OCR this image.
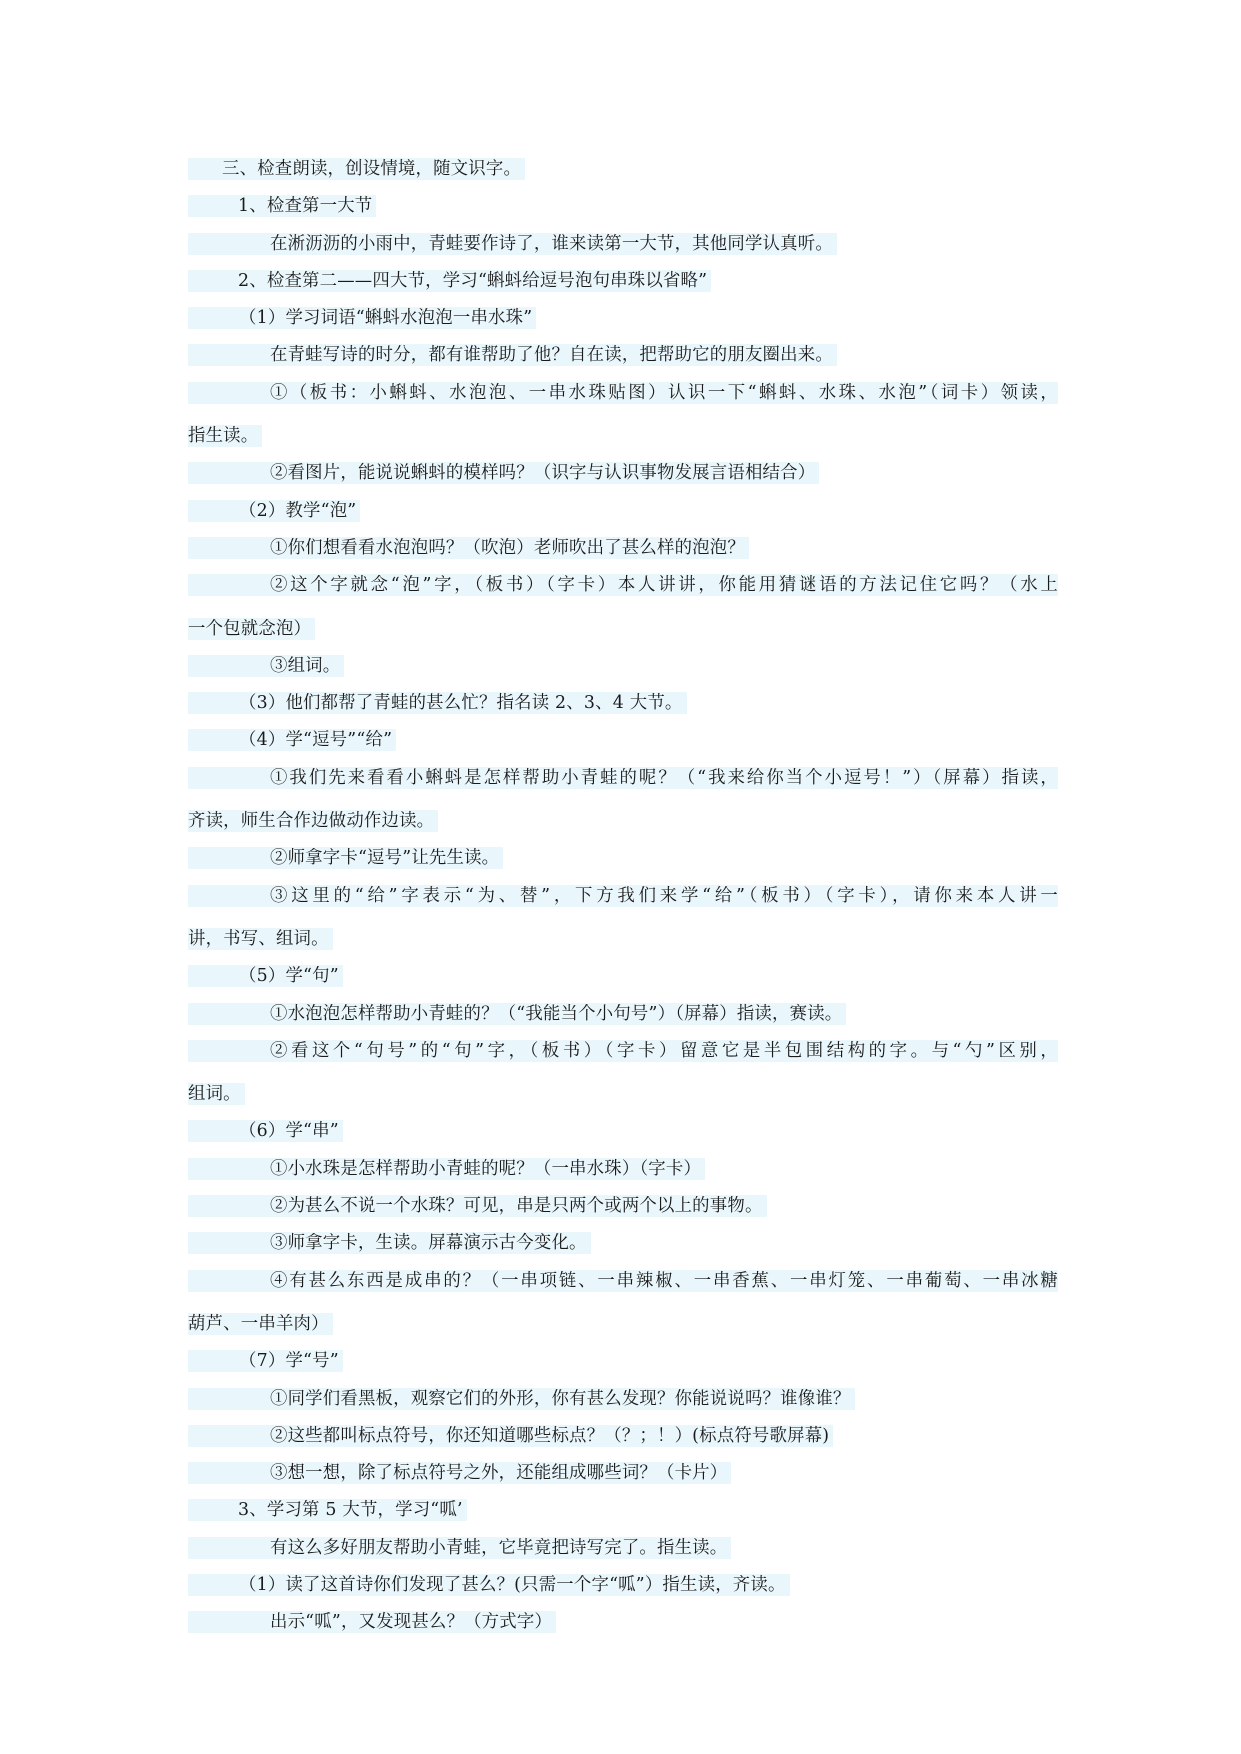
三、检查朗读，创设情境，随文识字。
1、检查第一大节
在淅沥沥的小雨中，青蛙要作诗了，谁来读第一大节，其他同学认真听。
2、检查第二——四大节，学习“蝌蚪给逗号泡句串珠以省略”
（1）学习词语“蝌蚪水泡泡一串水珠”
在青蛙写诗的时分，都有谁帮助了他？自在读，把帮助它的朋友圈出来。
①（板书：小蝌蚪、水泡泡、一串水珠贴图）认识一下“蝌蚪、水珠、水泡”（词卡）领读，
指生读。
②看图片，能说说蝌蚪的模样吗？（识字与认识事物发展言语相结合）
（2）教学“泡”
①你们想看看水泡泡吗？（吹泡）老师吹出了甚么样的泡泡？
②这个字就念“泡”字，（板书）（字卡）本人讲讲，你能用猜谜语的方法记住它吗？（水上
一个包就念泡）
③组词。
（3）他们都帮了青蛙的甚么忙？指名读 2、3、4 大节。
（4）学“逗号”“给”
①我们先来看看小蝌蚪是怎样帮助小青蛙的呢？（“我来给你当个小逗号！”）（屏幕）指读，
齐读，师生合作边做动作边读。
②师拿字卡“逗号”让先生读。
③这里的“给”字表示“为、替”，下方我们来学“给”（板书）（字卡），请你来本人讲一
讲，书写、组词。
（5）学“句”
①水泡泡怎样帮助小青蛙的？（“我能当个小句号”）（屏幕）指读，赛读。
②看这个“句号”的“句”字，（板书）（字卡）留意它是半包围结构的字。与“勺”区别，
组词。
（6）学“串”
①小水珠是怎样帮助小青蛙的呢？（一串水珠）（字卡）
②为甚么不说一个水珠？可见，串是只两个或两个以上的事物。
③师拿字卡，生读。屏幕演示古今变化。
④有甚么东西是成串的？（一串项链、一串辣椒、一串香蕉、一串灯笼、一串葡萄、一串冰糖
葫芦、一串羊肉）
（7）学“号”
①同学们看黑板，观察它们的外形，你有甚么发现？你能说说吗？谁像谁？
②这些都叫标点符号，你还知道哪些标点？（？；！）(标点符号歌屏幕)
③想一想，除了标点符号之外，还能组成哪些词？（卡片）
3、学习第 5 大节，学习“呱’
有这么多好朋友帮助小青蛙，它毕竟把诗写完了。指生读。
（1）读了这首诗你们发现了甚么？(只需一个字“呱”）指生读，齐读。
出示“呱”，又发现甚么？（方式字）
